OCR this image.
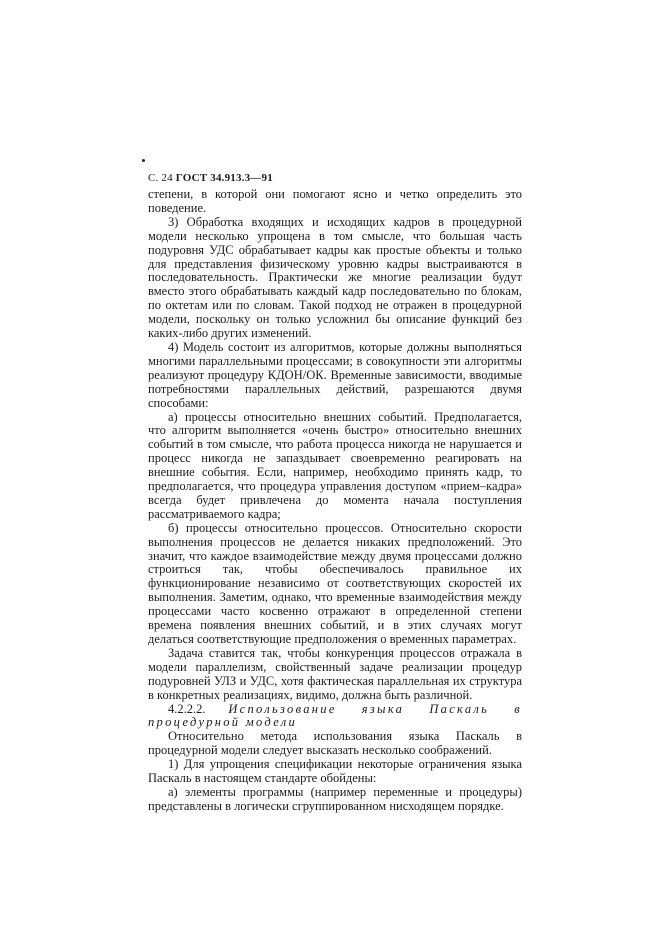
С. 24 ГОСТ 34.913.3—91

степени, в которой они помогают ясно и четко определить это поведение.

3) Обработка входящих и исходящих кадров в процедурной модели несколько упрощена в том смысле, что большая часть подуровня УДС обрабатывает кадры как простые объекты и только для представления физическому уровню кадры выстраиваются в последовательность. Практически же многие реализации будут вместо этого обрабатывать каждый кадр последовательно по блокам, по октетам или по словам. Такой подход не отражен в процедурной модели, поскольку он только усложнил бы описание функций без каких-либо других изменений.

4) Модель состоит из алгоритмов, которые должны выполняться многими параллельными процессами; в совокупности эти алгоритмы реализуют процедуру КДОН/ОК. Временные зависимости, вводимые потребностями параллельных действий, разрешаются двумя способами:

а) процессы относительно внешних событий. Предполагается, что алгоритм выполняется «очень быстро» относительно внешних событий в том смысле, что работа процесса никогда не нарушается и процесс никогда не запаздывает своевременно реагировать на внешние события. Если, например, необходимо принять кадр, то предполагается, что процедура управления доступом «прием–кадра» всегда будет привлечена до момента начала поступления рассматриваемого кадра;

б) процессы относительно процессов. Относительно скорости выполнения процессов не делается никаких предположений. Это значит, что каждое взаимодействие между двумя процессами должно строиться так, чтобы обеспечивалось правильное их функционирование независимо от соответствующих скоростей их выполнения. Заметим, однако, что временные взаимодействия между процессами часто косвенно отражают в определенной степени времена появления внешних событий, и в этих случаях могут делаться соответствующие предположения о временных параметрах.

Задача ставится так, чтобы конкуренция процессов отражала в модели параллелизм, свойственный задаче реализации процедур подуровней УЛЗ и УДС, хотя фактическая параллельная их структура в конкретных реализациях, видимо, должна быть различной.

4.2.2.2. Использование языка Паскаль в процедурной модели

Относительно метода использования языка Паскаль в процедурной модели следует высказать несколько соображений.

1) Для упрощения спецификации некоторые ограничения языка Паскаль в настоящем стандарте обойдены:

а) элементы программы (например переменные и процедуры) представлены в логически сгруппированном нисходящем порядке.
